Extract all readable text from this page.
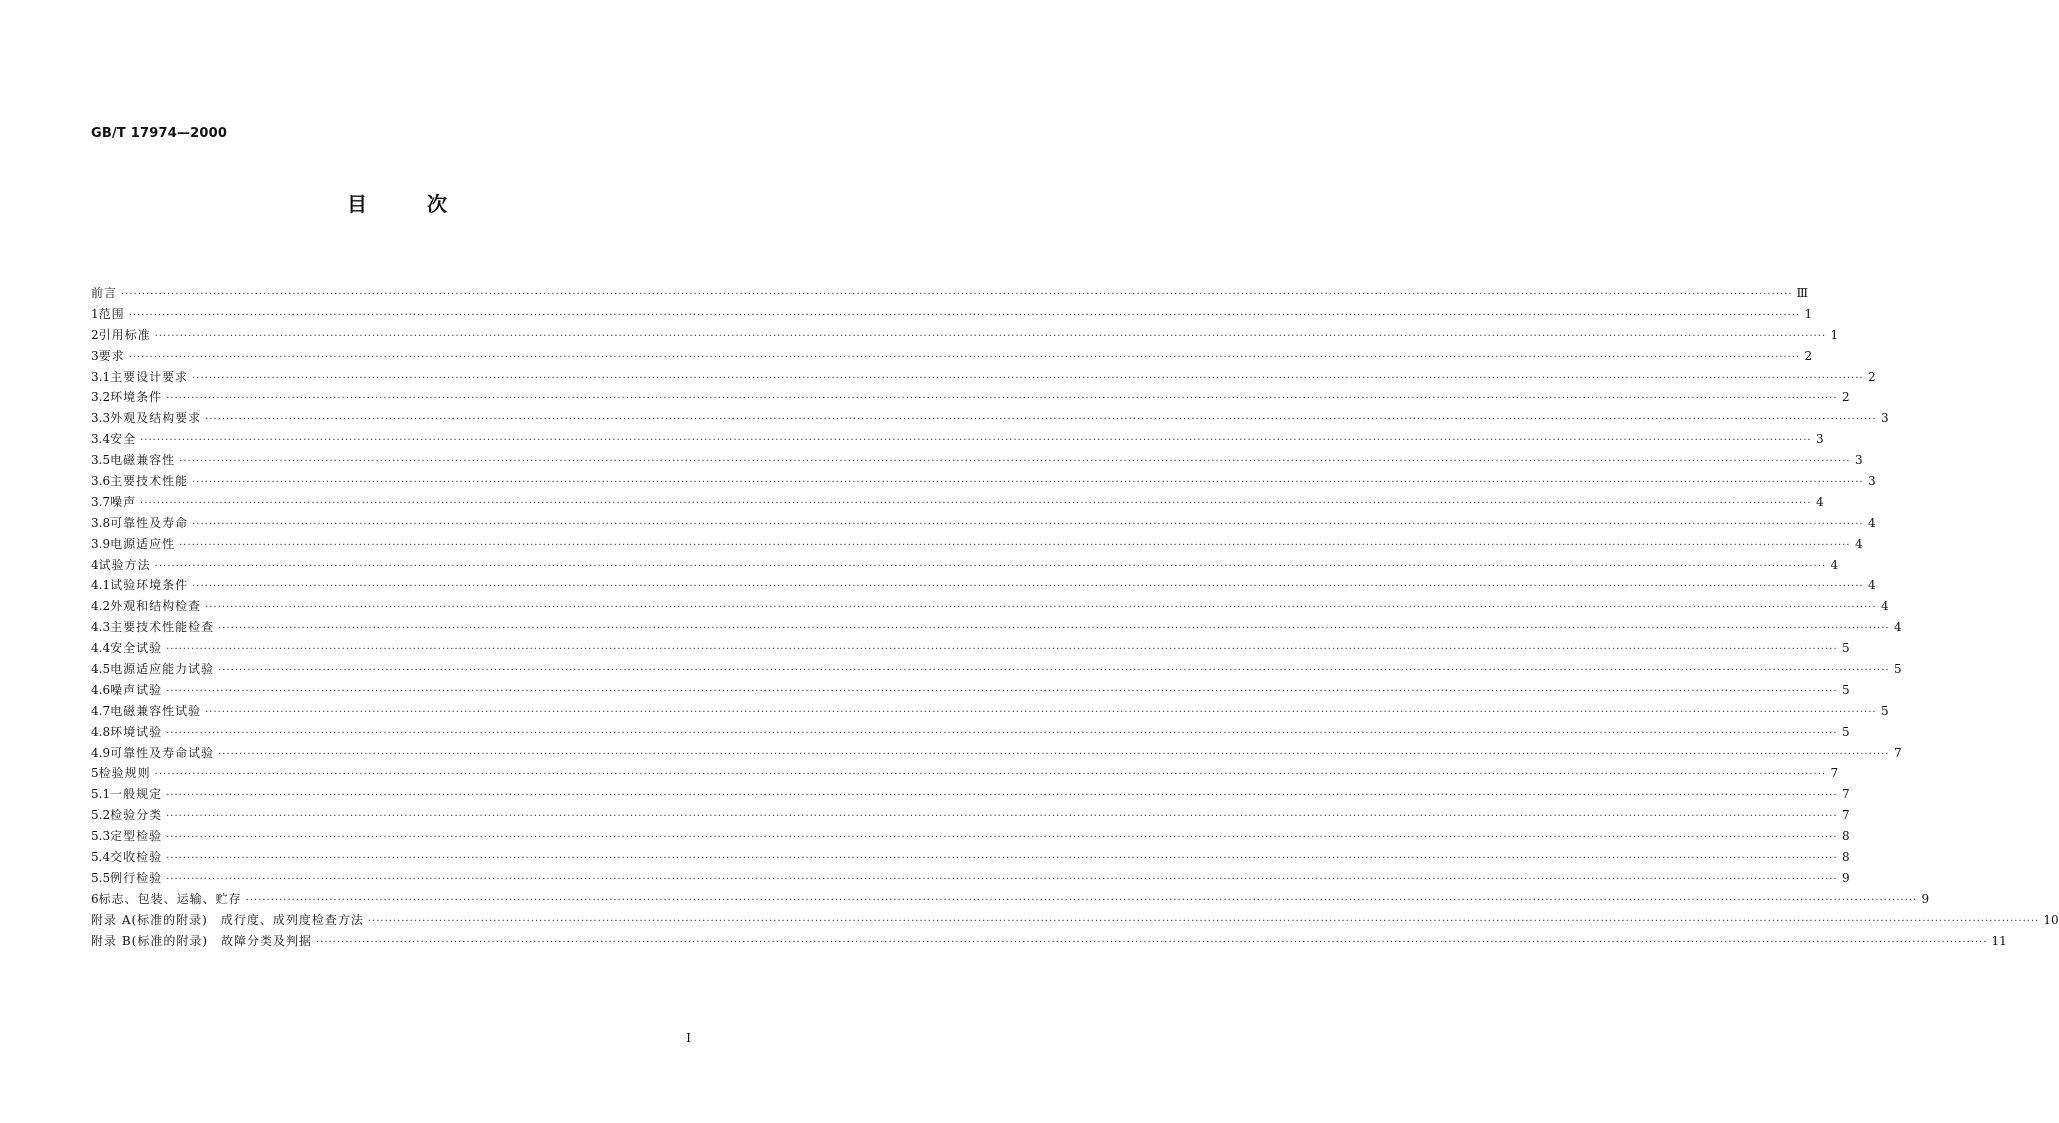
GB/T 17974—2000
目	次
前言 ················································································································································································································································································································································································································ Ⅲ
1 范围 ················································································································································································································································································································································································································ 1
2 引用标准 ················································································································································································································································································································································································································ 1
3 要求 ················································································································································································································································································································································································································ 2
3.1 主要设计要求 ················································································································································································································································································································································································································ 2
3.2 环境条件 ················································································································································································································································································································································································································ 2
3.3 外观及结构要求 ················································································································································································································································································································································································································ 3
3.4 安全 ················································································································································································································································································································································································································ 3
3.5 电磁兼容性 ················································································································································································································································································································································································································ 3
3.6 主要技术性能 ················································································································································································································································································································································································································ 3
3.7 噪声 ················································································································································································································································································································································································································ 4
3.8 可靠性及寿命 ················································································································································································································································································································································································································ 4
3.9 电源适应性 ················································································································································································································································································································································································································ 4
4 试验方法 ················································································································································································································································································································································································································ 4
4.1 试验环境条件 ················································································································································································································································································································································································································ 4
4.2 外观和结构检查 ················································································································································································································································································································································································································ 4
4.3 主要技术性能检查 ················································································································································································································································································································································································································ 4
4.4 安全试验 ················································································································································································································································································································································································································ 5
4.5 电源适应能力试验 ················································································································································································································································································································································································································ 5
4.6 噪声试验 ················································································································································································································································································································································································································ 5
4.7 电磁兼容性试验 ················································································································································································································································································································································································································ 5
4.8 环境试验 ················································································································································································································································································································································································································ 5
4.9 可靠性及寿命试验 ················································································································································································································································································································································································································ 7
5 检验规则 ················································································································································································································································································································································································································ 7
5.1 一般规定 ················································································································································································································································································································································································································ 7
5.2 检验分类 ················································································································································································································································································································································································································ 7
5.3 定型检验 ················································································································································································································································································································································································································ 8
5.4 交收检验 ················································································································································································································································································································································································································ 8
5.5 例行检验 ················································································································································································································································································································································································································ 9
6 标志、包装、运输、贮存 ················································································································································································································································································································································································································ 9
附录 A(标准的附录)　成行度、成列度检查方法 ················································································································································································································································································································································································································ 10
附录 B(标准的附录)　故障分类及判据 ················································································································································································································································································································································································································ 11
I
